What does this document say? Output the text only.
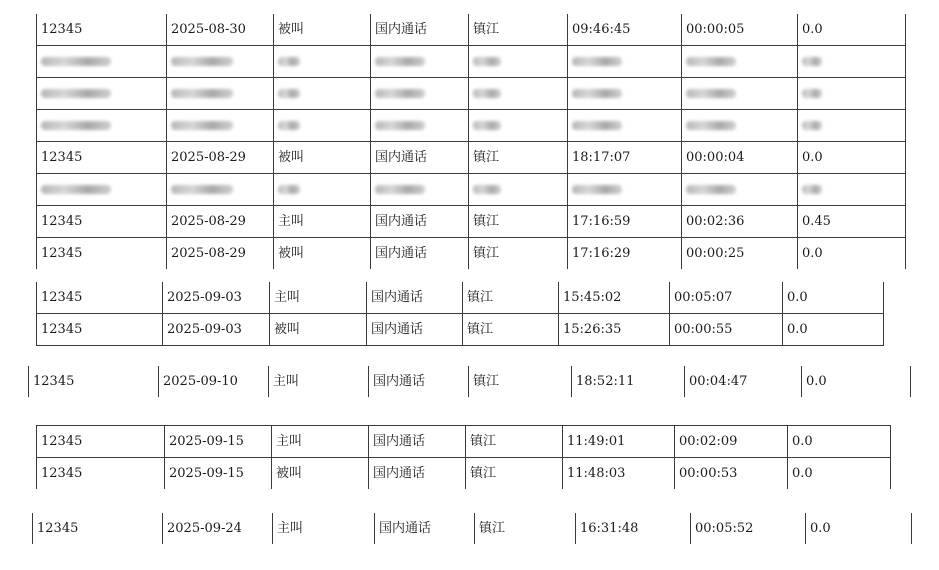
12345	2025-08-30	被叫	国内通话	镇江	09:46:45	00:00:05	0.0

12345	2025-08-29	被叫	国内通话	镇江	18:17:07	00:00:04	0.0

12345	2025-08-29	主叫	国内通话	镇江	17:16:59	00:02:36	0.45
12345	2025-08-29	被叫	国内通话	镇江	17:16:29	00:00:25	0.0
12345	2025-09-03	主叫	国内通话	镇江	15:45:02	00:05:07	0.0
12345	2025-09-03	被叫	国内通话	镇江	15:26:35	00:00:55	0.0
12345	2025-09-10	主叫	国内通话	镇江	18:52:11	00:04:47	0.0
12345	2025-09-15	主叫	国内通话	镇江	11:49:01	00:02:09	0.0
12345	2025-09-15	被叫	国内通话	镇江	11:48:03	00:00:53	0.0
12345	2025-09-24	主叫	国内通话	镇江	16:31:48	00:05:52	0.0
